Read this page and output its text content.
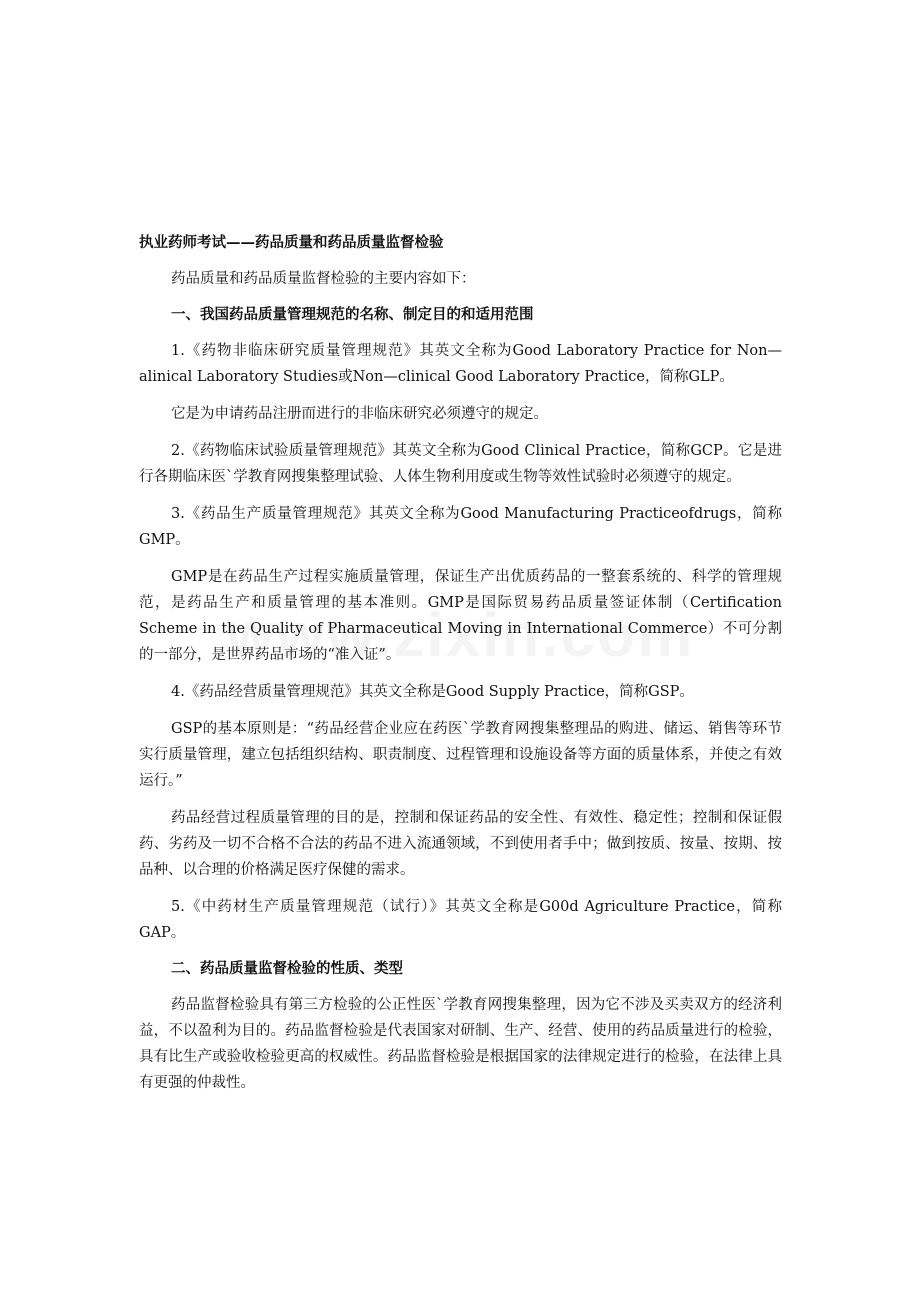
执业药师考试——药品质量和药品质量监督检验

药品质量和药品质量监督检验的主要内容如下：

一、我国药品质量管理规范的名称、制定目的和适用范围

1.《药物非临床研究质量管理规范》其英文全称为Good Laboratory Practice for Non—alinical Laboratory Studies或Non—clinical Good Laboratory Practice，简称GLP。

它是为申请药品注册而进行的非临床研究必须遵守的规定。

2.《药物临床试验质量管理规范》其英文全称为Good Clinical Practice，简称GCP。它是进行各期临床医`学教育网搜集整理试验、人体生物利用度或生物等效性试验时必须遵守的规定。

3.《药品生产质量管理规范》其英文全称为Good Manufacturing Practiceofdrugs，简称GMP。

GMP是在药品生产过程实施质量管理，保证生产出优质药品的一整套系统的、科学的管理规范，是药品生产和质量管理的基本准则。GMP是国际贸易药品质量签证体制（Certification Scheme in the Quality of Pharmaceutical Moving in International Commerce）不可分割的一部分，是世界药品市场的“准入证”。

4.《药品经营质量管理规范》其英文全称是Good Supply Practice，简称GSP。

GSP的基本原则是：“药品经营企业应在药医`学教育网搜集整理品的购进、储运、销售等环节实行质量管理，建立包括组织结构、职责制度、过程管理和设施设备等方面的质量体系，并使之有效运行。”

药品经营过程质量管理的目的是，控制和保证药品的安全性、有效性、稳定性；控制和保证假药、劣药及一切不合格不合法的药品不进入流通领域，不到使用者手中；做到按质、按量、按期、按品种、以合理的价格满足医疗保健的需求。

5.《中药材生产质量管理规范（试行）》其英文全称是G00d Agriculture Practice，简称GAP。

二、药品质量监督检验的性质、类型

药品监督检验具有第三方检验的公正性医`学教育网搜集整理，因为它不涉及买卖双方的经济利益，不以盈利为目的。药品监督检验是代表国家对研制、生产、经营、使用的药品质量进行的检验，具有比生产或验收检验更高的权威性。药品监督检验是根据国家的法律规定进行的检验，在法律上具有更强的仲裁性。
